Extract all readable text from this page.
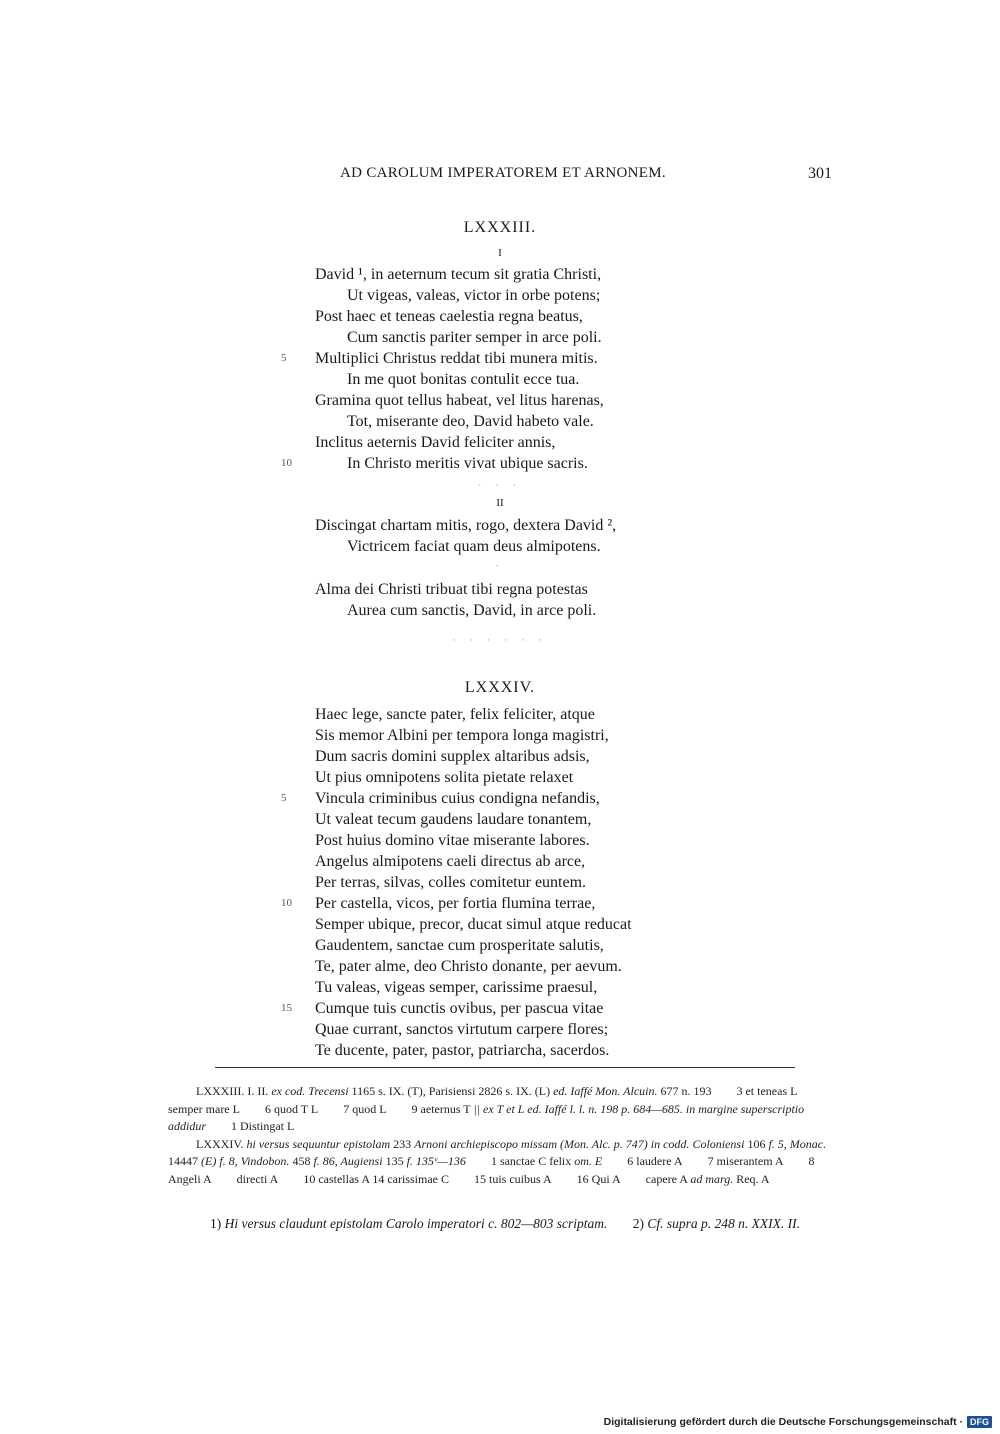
AD CAROLUM IMPERATOREM ET ARNONEM.	301
LXXXIII.
I
David ¹, in aeternum tecum sit gratia Christi,
Ut vigeas, valeas, victor in orbe potens;
Post haec et teneas caelestia regna beatus,
Cum sanctis pariter semper in arce poli.
5 Multiplici Christus reddat tibi munera mitis.
In me quot bonitas contulit ecce tua.
Gramina quot tellus habeat, vel litus harenas,
Tot, miserante deo, David habeto vale.
Inclitus aeternis David feliciter annis,
10	In Christo meritis vivat ubique sacris.
· · ·
II
Discingat chartam mitis, rogo, dextera David ²,
Victricem faciat quam deus almipotens.
·
Alma dei Christi tribuat tibi regna potestas
Aurea cum sanctis, David, in arce poli.
· · · · · ·
LXXXIV.
Haec lege, sancte pater, felix feliciter, atque
Sis memor Albini per tempora longa magistri,
Dum sacris domini supplex altaribus adsis,
Ut pius omnipotens solita pietate relaxet
5 Vincula criminibus cuius condigna nefandis,
Ut valeat tecum gaudens laudare tonantem,
Post huius domino vitae miserante labores.
Angelus almipotens caeli directus ab arce,
Per terras, silvas, colles comitetur euntem.
10 Per castella, vicos, per fortia flumina terrae,
Semper ubique, precor, ducat simul atque reducat
Gaudentem, sanctae cum prosperitate salutis,
Te, pater alme, deo Christo donante, per aevum.
Tu valeas, vigeas semper, carissime praesul,
15 Cumque tuis cunctis ovibus, per pascua vitae
Quae currant, sanctos virtutum carpere flores;
Te ducente, pater, pastor, patriarcha, sacerdos.
LXXXIII. I. II. ex cod. Trecensi 1165 s. IX. (T), Parisiensi 2826 s. IX. (L) ed. Iaffé Mon. Alcuin. 677 n. 193 3 et teneas L semper mare L 6 quod T L 7 quod L 9 aeternus T || ex T et L ed. Iaffé l. l. n. 198 p. 684—685. in margine superscriptio addidur 1 Distingat L
LXXXIV. hi versus sequuntur epistolam 233 Arnoni archiepiscopo missam (Mon. Alc. p. 747) in codd. Coloniensi 106 f. 5, Monac. 14447 (E) f. 8, Vindobon. 458 f. 86, Augiensi 135 f. 135ᵛ—136 1 sanctae C felix om. E 6 laudere A 7 miserantem A 8 Angeli A directi A 10 castellas A 14 carissimae C 15 tuis cuibus A 16 Qui A capere A ad marg. Req. A
1) Hi versus claudunt epistolam Carolo imperatori c. 802—803 scriptam. 2) Cf. supra p. 248 n. XXIX. II.
Digitalisierung gefördert durch die Deutsche Forschungsgemeinschaft · DFG
